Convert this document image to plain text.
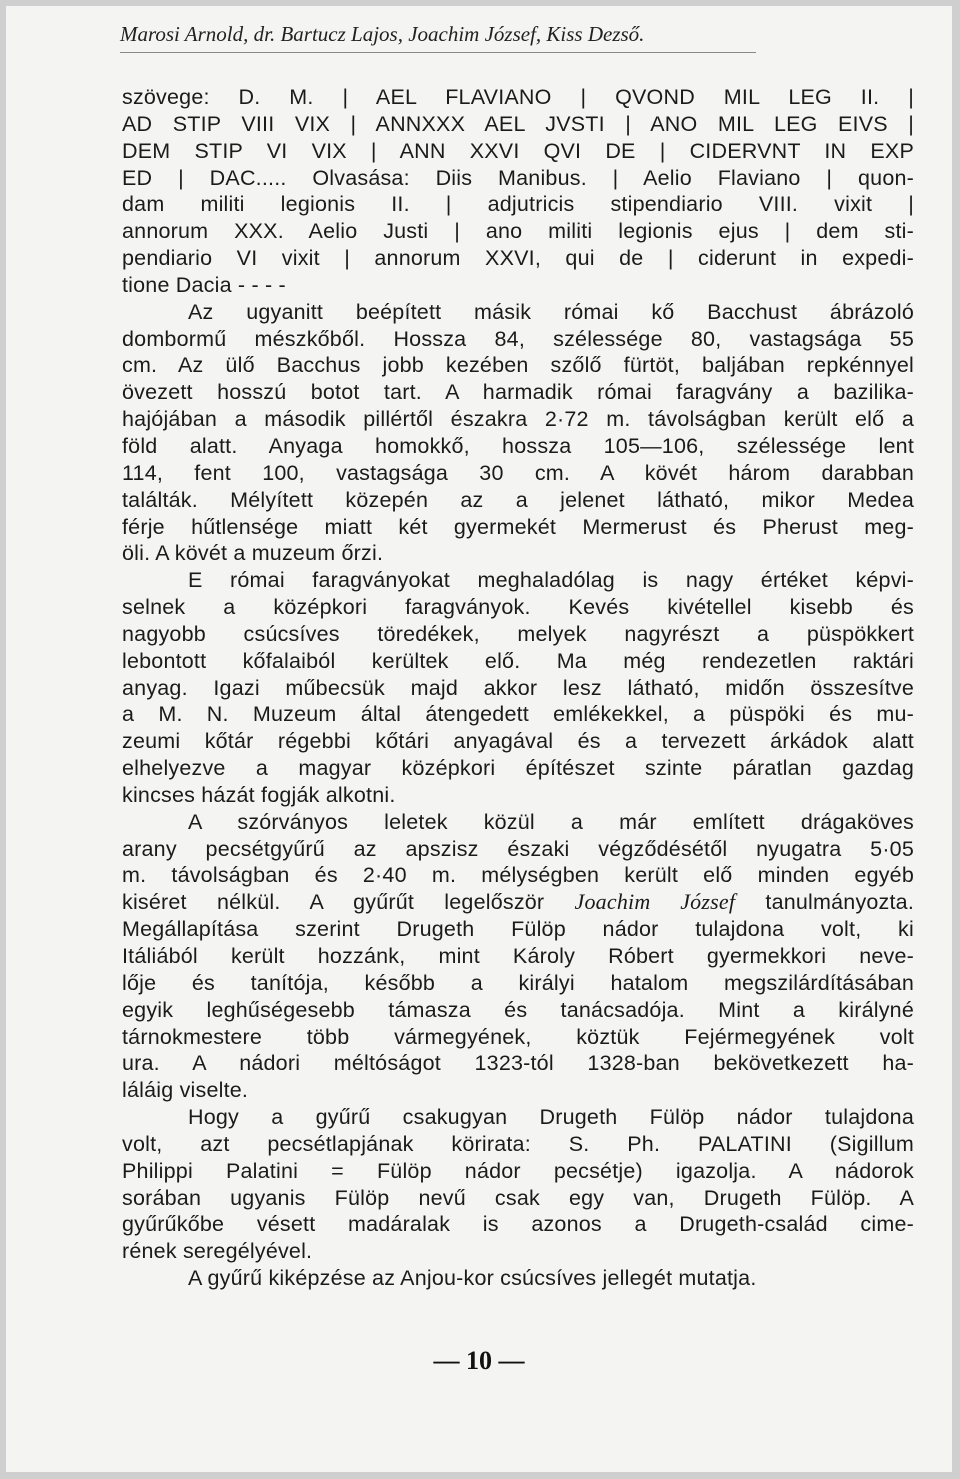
Marosi Arnold, dr. Bartucz Lajos, Joachim József, Kiss Dezső.
szövege: D. M. | AEL FLAVIANO | QVOND MIL LEG II. |
AD STIP VIII VIX | ANNXXX AEL JVSTI | ANO MIL LEG EIVS |
DEM STIP VI VIX | ANN XXVI QVI DE | CIDERVNT IN EXP
ED | DAC..... Olvasása: Diis Manibus. | Aelio Flaviano | quon-
dam militi legionis II. | adjutricis stipendiario VIII. vixit |
annorum XXX. Aelio Justi | ano militi legionis ejus | dem sti-
pendiario VI vixit | annorum XXVI, qui de | ciderunt in expedi-
tione Dacia - - - -
Az ugyanitt beépített másik római kő Bacchust ábrázoló
dombormű mészkőből. Hossza 84, szélessége 80, vastagsága 55
cm. Az ülő Bacchus jobb kezében szőlő fürtöt, baljában repkénnyel
övezett hosszú botot tart. A harmadik római faragvány a bazilika-
hajójában a második pillértől északra 2·72 m. távolságban került elő a
föld alatt. Anyaga homokkő, hossza 105—106, szélessége lent
114, fent 100, vastagsága 30 cm. A kövét három darabban
találták. Mélyített közepén az a jelenet látható, mikor Medea
férje hűtlensége miatt két gyermekét Mermerust és Pherust meg-
öli. A kövét a muzeum őrzi.
E római faragványokat meghaladólag is nagy értéket képvi-
selnek a középkori faragványok. Kevés kivétellel kisebb és
nagyobb csúcsíves töredékek, melyek nagyrészt a püspökkert
lebontott kőfalaiból kerültek elő. Ma még rendezetlen raktári
anyag. Igazi műbecsük majd akkor lesz látható, midőn összesítve
a M. N. Muzeum által átengedett emlékekkel, a püspöki és mu-
zeumi kőtár régebbi kőtári anyagával és a tervezett árkádok alatt
elhelyezve a magyar középkori építészet szinte páratlan gazdag
kincses házát fogják alkotni.
A szórványos leletek közül a már említett drágaköves
arany pecsétgyűrű az apszisz északi végződésétől nyugatra 5·05
m. távolságban és 2·40 m. mélységben került elő minden egyéb
kiséret nélkül. A gyűrűt legelőször Joachim József tanulmányozta.
Megállapítása szerint Drugeth Fülöp nádor tulajdona volt, ki
Itáliából került hozzánk, mint Károly Róbert gyermekkori neve-
lője és tanítója, később a királyi hatalom megszilárdításában
egyik leghűségesebb támasza és tanácsadója. Mint a királyné
tárnokmestere több vármegyének, köztük Fejérmegyének volt
ura. A nádori méltóságot 1323-tól 1328-ban bekövetkezett ha-
láláig viselte.
Hogy a gyűrű csakugyan Drugeth Fülöp nádor tulajdona
volt, azt pecsétlapjának körirata: S. Ph. PALATINI (Sigillum
Philippi Palatini = Fülöp nádor pecsétje) igazolja. A nádorok
sorában ugyanis Fülöp nevű csak egy van, Drugeth Fülöp. A
gyűrűkőbe vésett madáralak is azonos a Drugeth-család cime-
rének seregélyével.
A gyűrű kiképzése az Anjou-kor csúcsíves jellegét mutatja.
— 10 —
